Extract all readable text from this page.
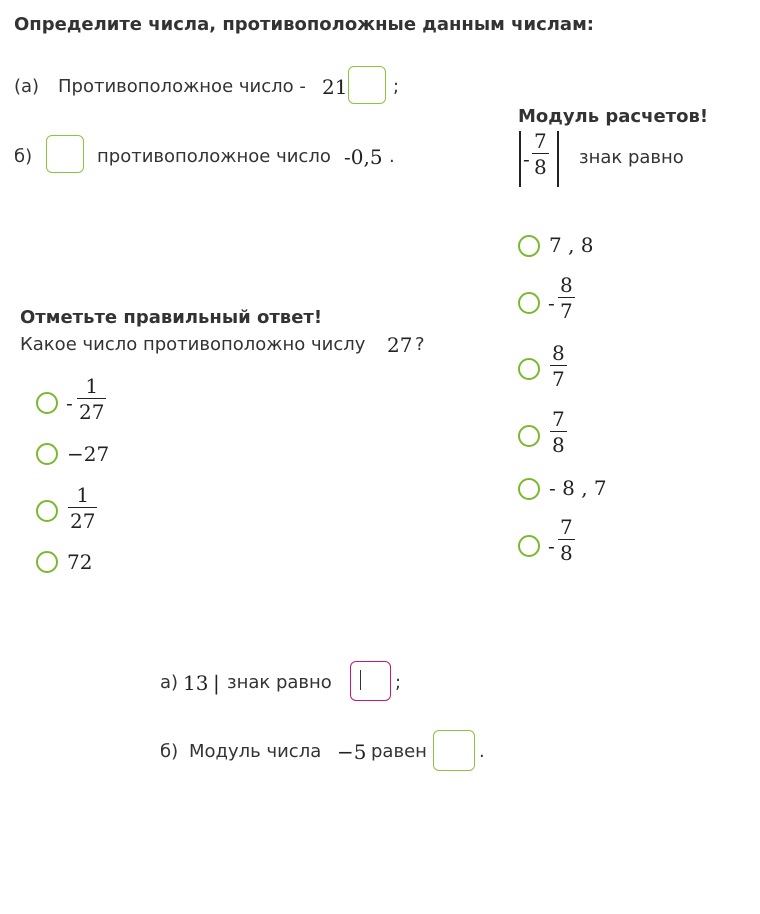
Определите числа, противоположные данным числам:
(а) Противоположное число - 21	;
б)	противоположное число -0,5 .
Модуль расчетов!
-
7
8 знак равно
7 , 8
-
8
7
8
7
7
8
- 8 , 7
-
7
8
Отметьте правильный ответ!
Какое число противоположно числу 27 ?
-
1
27
−27
1
27
72
а) 13 | знак равно	;
б) Модуль числа −5 равен	.
